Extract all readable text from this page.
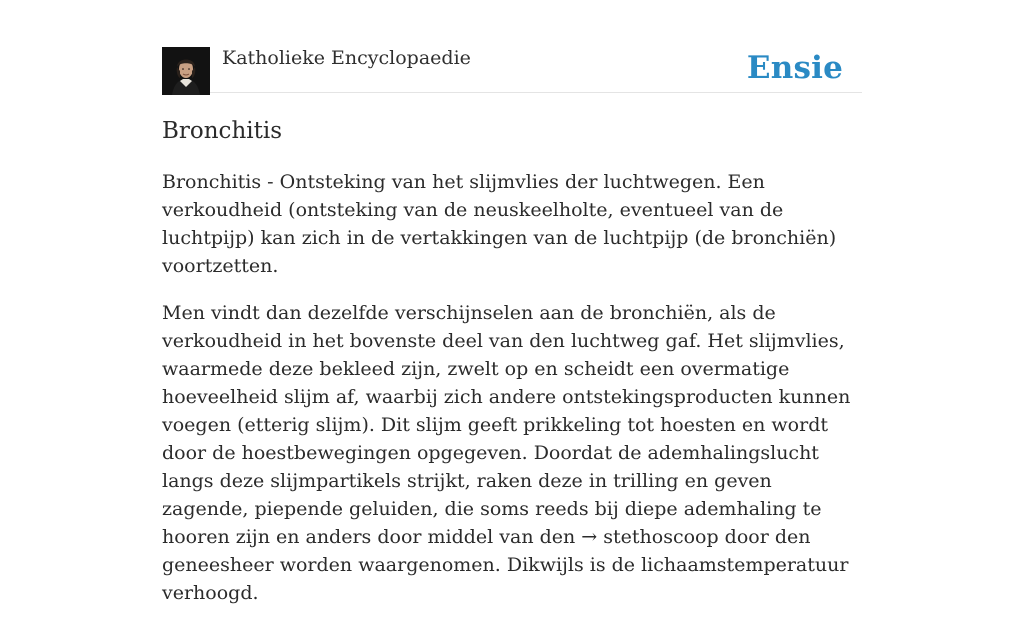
Katholieke Encyclopaedie	Ensie
Bronchitis

Bronchitis - Ontsteking van het slijmvlies der luchtwegen. Een verkoudheid (ontsteking van de neuskeelholte, eventueel van de luchtpijp) kan zich in de vertakkingen van de luchtpijp (de bronchiën) voortzetten.

Men vindt dan dezelfde verschijnselen aan de bronchiën, als de verkoudheid in het bovenste deel van den luchtweg gaf. Het slijmvlies, waarmede deze bekleed zijn, zwelt op en scheidt een overmatige hoeveelheid slijm af, waarbij zich andere ontstekingsproducten kunnen voegen (etterig slijm). Dit slijm geeft prikkeling tot hoesten en wordt door de hoestbewegingen opgegeven. Doordat de ademhalingslucht langs deze slijmpartikels strijkt, raken deze in trilling en geven zagende, piepende geluiden, die soms reeds bij diepe ademhaling te hooren zijn en anders door middel van den → stethoscoop door den geneesheer worden waargenomen. Dikwijls is de lichaamstemperatuur verhoogd.
